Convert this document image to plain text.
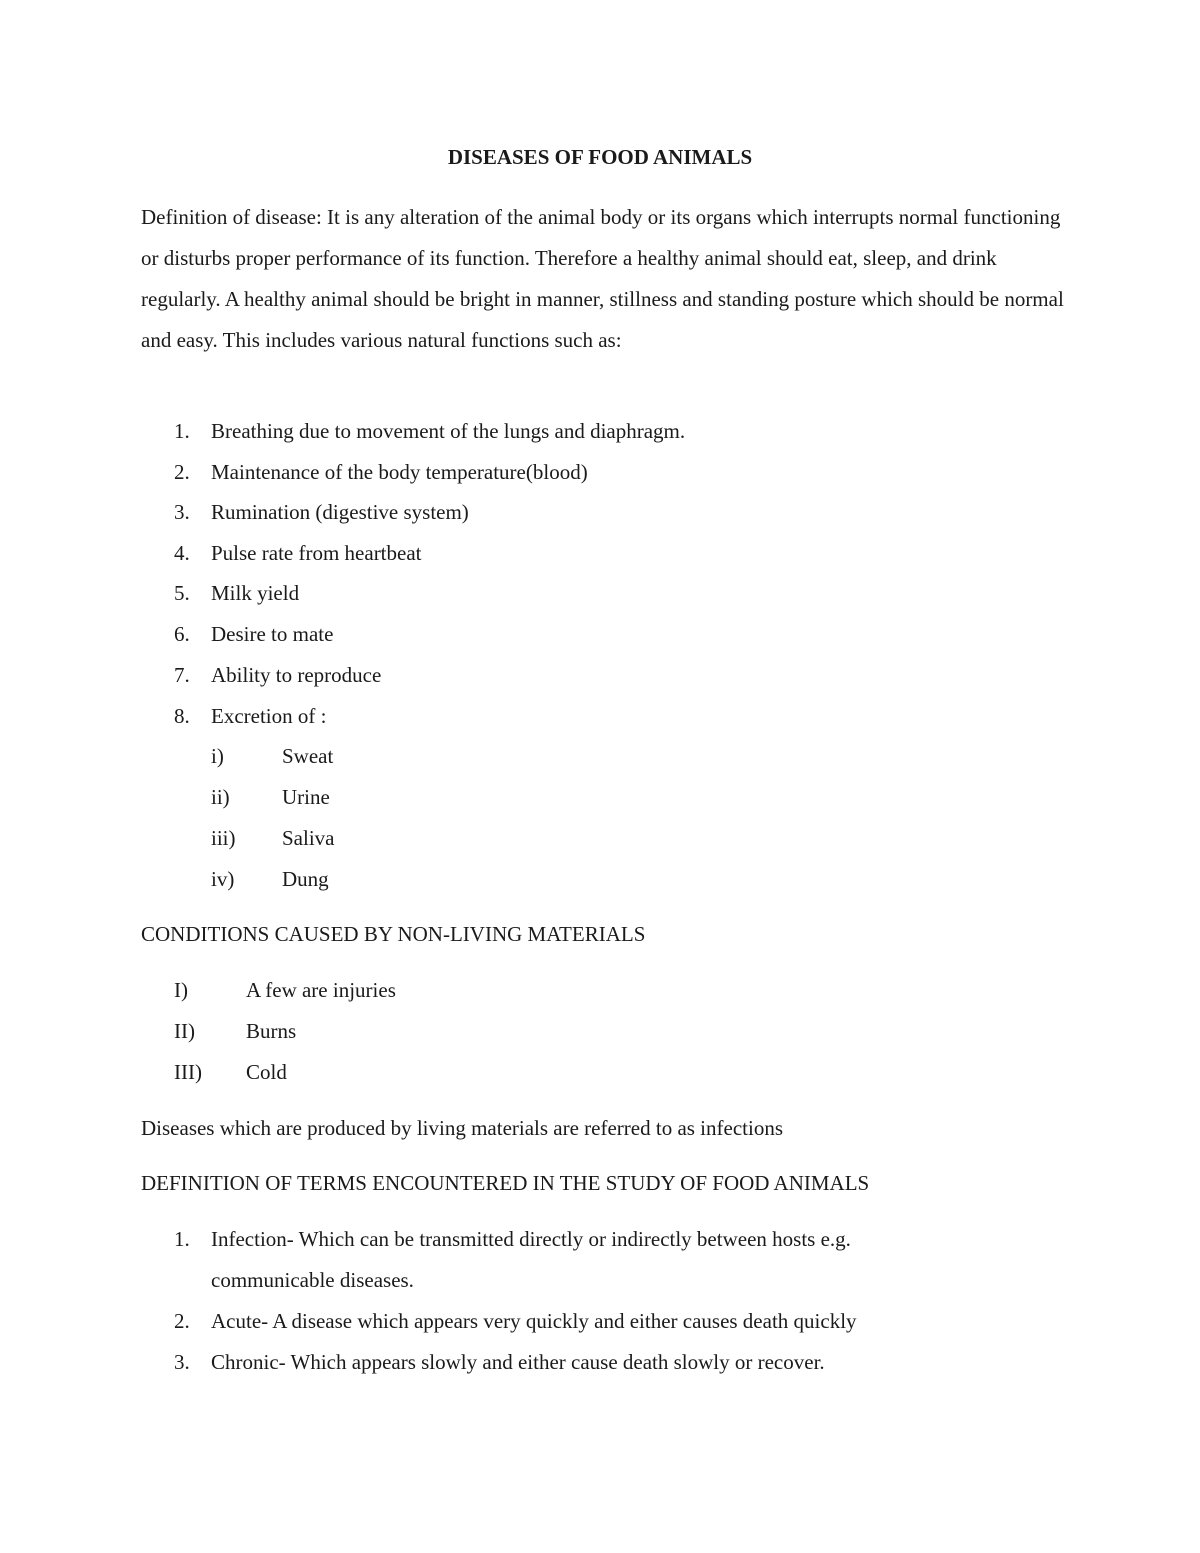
DISEASES OF FOOD ANIMALS

Definition of disease: It is any alteration of the animal body or its organs which interrupts normal functioning or disturbs proper performance of its function. Therefore a healthy animal should eat, sleep, and drink regularly. A healthy animal should be bright in manner, stillness and standing posture which should be normal and easy. This includes various natural functions such as:

1. Breathing due to movement of the lungs and diaphragm.
2. Maintenance of the body temperature(blood)
3. Rumination (digestive system)
4. Pulse rate from heartbeat
5. Milk yield
6. Desire to mate
7. Ability to reproduce
8. Excretion of :
i)	Sweat
ii) Urine
iii) Saliva
iv) Dung
CONDITIONS CAUSED BY NON-LIVING MATERIALS
I)	A few are injuries
II) Burns
III) Cold
Diseases which are produced by living materials are referred to as infections
DEFINITION OF TERMS ENCOUNTERED IN THE STUDY OF FOOD ANIMALS
1. Infection- Which can be transmitted directly or indirectly between hosts e.g.
communicable diseases.
2. Acute- A disease which appears very quickly and either causes death quickly
3. Chronic- Which appears slowly and either cause death slowly or recover.
